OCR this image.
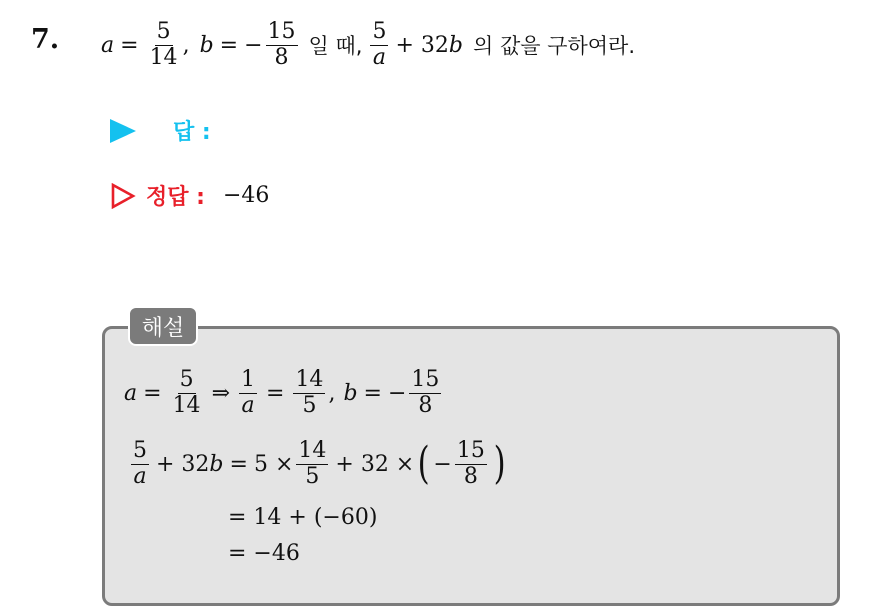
7. $a = \frac{5}{14}$ , b = − $\frac{15}{8}$ 일 때, $\frac{5}{a} + 32$ b 의 값을 구하여라.
답 :
정답 : −46
해설
$a = \frac{5}{14}$ ⇒ $\frac{1}{a} = \frac{14}{5}$ , b = − $\frac{15}{8}$
$\frac{5}{a} + 32$ $b = 5 \times \frac{14}{5} + 32$ × ( − $\frac{15}{8}$ )
= 14 + (−60)
= −46
